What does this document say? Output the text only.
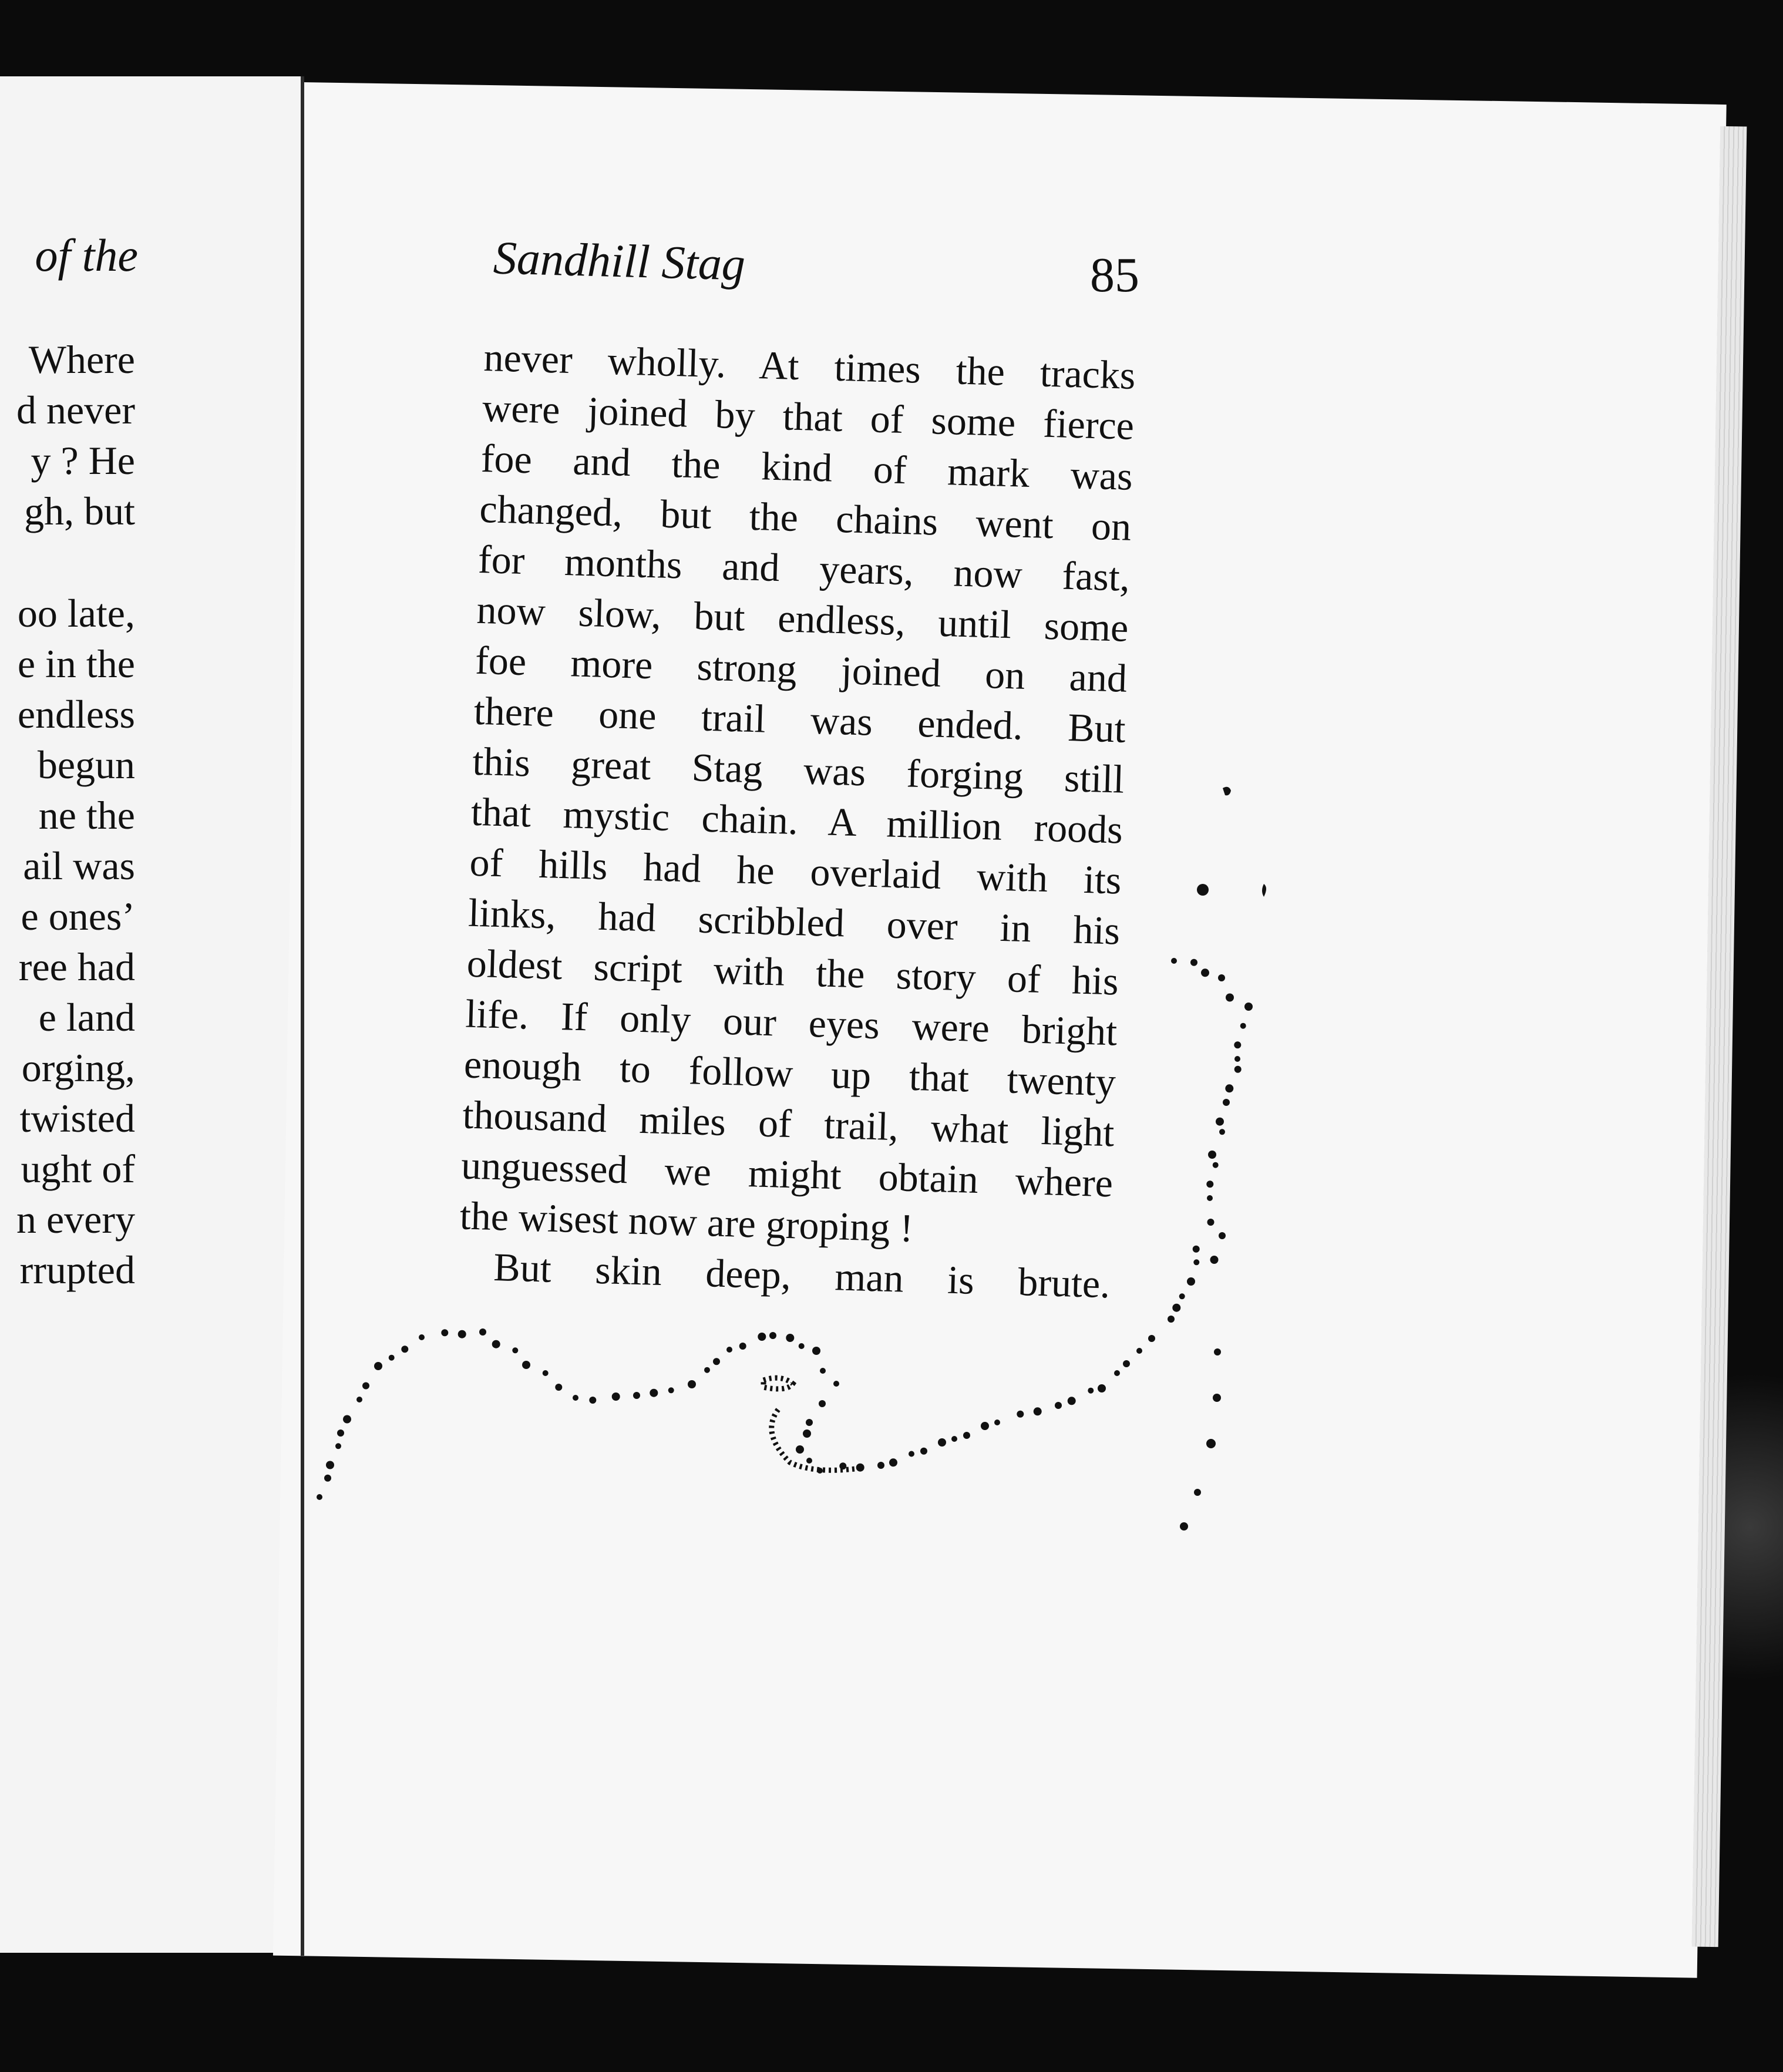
of the
Where
d never
y ? He
gh, but
oo late,
e in the
endless
begun
ne the
ail was
e ones’
ree had
e land
orging,
twisted
ught of
n every
rrupted
Sandhill Stag	85
never wholly. At times the tracks
were joined by that of some fierce
foe and the kind of mark was
changed, but the chains went on
for months and years, now fast,
now slow, but endless, until some
foe more strong joined on and
there one trail was ended. But
this great Stag was forging still
that mystic chain. A million roods
of hills had he overlaid with its
links, had scribbled over in his
oldest script with the story of his
life. If only our eyes were bright
enough to follow up that twenty
thousand miles of trail, what light
unguessed we might obtain where
the wisest now are groping !
But skin deep, man is brute.
